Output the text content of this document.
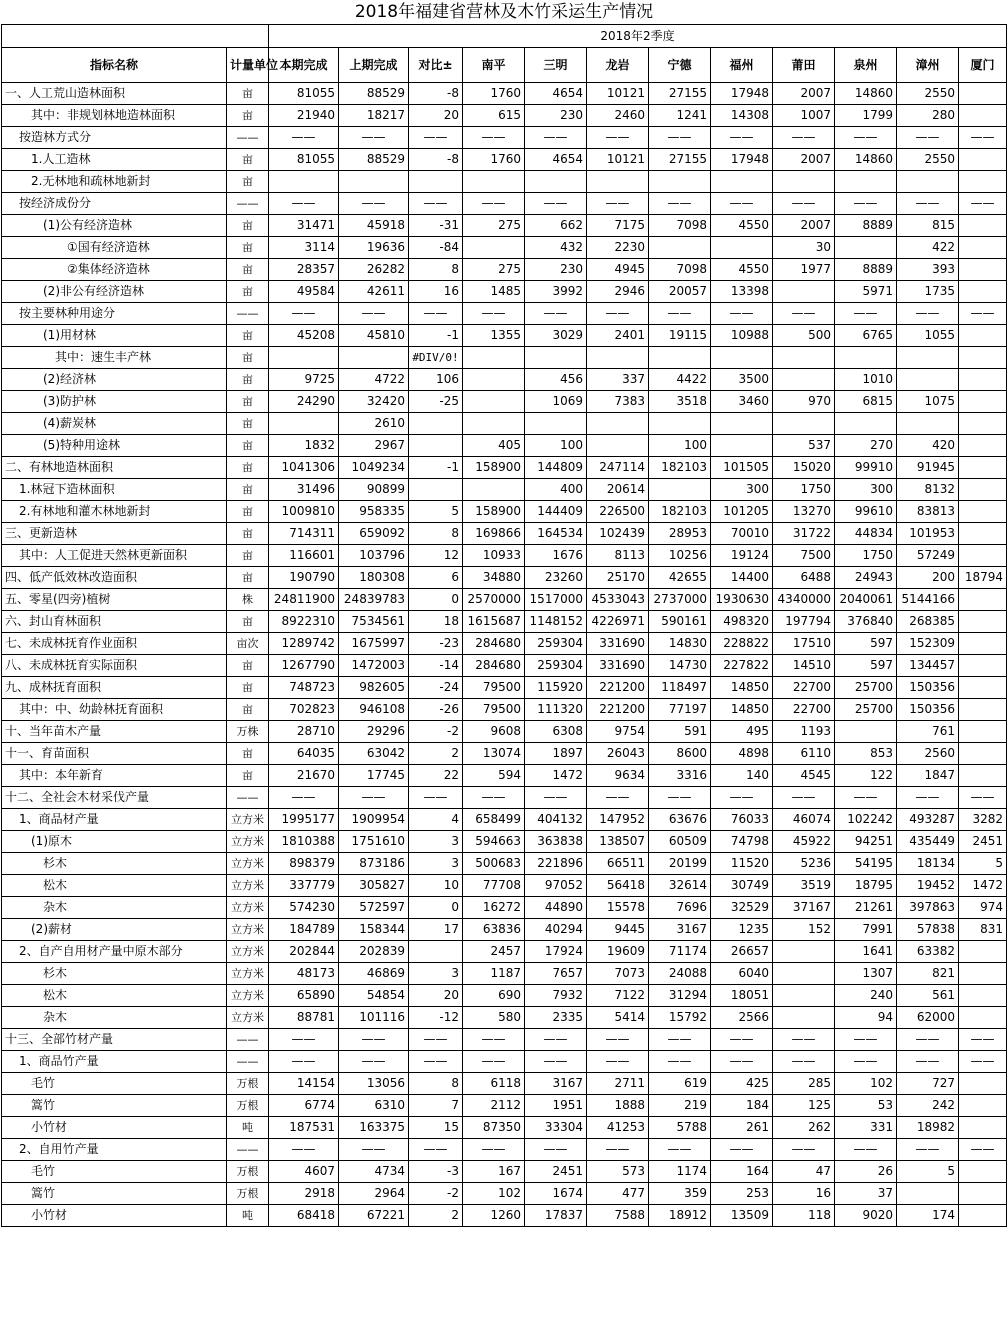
2018年福建省营林及木竹采运生产情况
		2018年2季度											
指标名称	计量单位	本期完成	上期完成	对比±	南平	三明	龙岩	宁德	福州	莆田	泉州	漳州	厦门
一、人工荒山造林面积	亩	81055	88529	-8	1760	4654	10121	27155	17948	2007	14860	2550	
其中：非规划林地造林面积	亩	21940	18217	20	615	230	2460	1241	14308	1007	1799	280	
按造林方式分	——	——	——	——	——	——	——	——	——	——	——	——	——
1.人工造林	亩	81055	88529	-8	1760	4654	10121	27155	17948	2007	14860	2550	
2.无林地和疏林地新封	亩												
按经济成份分	——	——	——	——	——	——	——	——	——	——	——	——	——
(1)公有经济造林	亩	31471	45918	-31	275	662	7175	7098	4550	2007	8889	815	
①国有经济造林	亩	3114	19636	-84		432	2230			30		422	
②集体经济造林	亩	28357	26282	8	275	230	4945	7098	4550	1977	8889	393	
(2)非公有经济造林	亩	49584	42611	16	1485	3992	2946	20057	13398		5971	1735	
按主要林种用途分	——	——	——	——	——	——	——	——	——	——	——	——	——
(1)用材林	亩	45208	45810	-1	1355	3029	2401	19115	10988	500	6765	1055	
其中：速生丰产林	亩			#DIV/0!									
(2)经济林	亩	9725	4722	106		456	337	4422	3500		1010		
(3)防护林	亩	24290	32420	-25		1069	7383	3518	3460	970	6815	1075	
(4)薪炭林	亩		2610										
(5)特种用途林	亩	1832	2967		405	100		100		537	270	420	
二、有林地造林面积	亩	1041306	1049234	-1	158900	144809	247114	182103	101505	15020	99910	91945	
1.林冠下造林面积	亩	31496	90899			400	20614		300	1750	300	8132	
2.有林地和灌木林地新封	亩	1009810	958335	5	158900	144409	226500	182103	101205	13270	99610	83813	
三、更新造林	亩	714311	659092	8	169866	164534	102439	28953	70010	31722	44834	101953	
其中：人工促进天然林更新面积	亩	116601	103796	12	10933	1676	8113	10256	19124	7500	1750	57249	
四、低产低效林改造面积	亩	190790	180308	6	34880	23260	25170	42655	14400	6488	24943	200	18794
五、零星(四旁)植树	株	24811900	24839783	0	2570000	1517000	4533043	2737000	1930630	4340000	2040061	5144166	
六、封山育林面积	亩	8922310	7534561	18	1615687	1148152	4226971	590161	498320	197794	376840	268385	
七、未成林抚育作业面积	亩次	1289742	1675997	-23	284680	259304	331690	14830	228822	17510	597	152309	
八、未成林抚育实际面积	亩	1267790	1472003	-14	284680	259304	331690	14730	227822	14510	597	134457	
九、成林抚育面积	亩	748723	982605	-24	79500	115920	221200	118497	14850	22700	25700	150356	
其中：中、幼龄林抚育面积	亩	702823	946108	-26	79500	111320	221200	77197	14850	22700	25700	150356	
十、当年苗木产量	万株	28710	29296	-2	9608	6308	9754	591	495	1193		761	
十一、育苗面积	亩	64035	63042	2	13074	1897	26043	8600	4898	6110	853	2560	
其中：本年新育	亩	21670	17745	22	594	1472	9634	3316	140	4545	122	1847	
十二、全社会木材采伐产量	——	——	——	——	——	——	——	——	——	——	——	——	——
1、商品材产量	立方米	1995177	1909954	4	658499	404132	147952	63676	76033	46074	102242	493287	3282
(1)原木	立方米	1810388	1751610	3	594663	363838	138507	60509	74798	45922	94251	435449	2451
杉木	立方米	898379	873186	3	500683	221896	66511	20199	11520	5236	54195	18134	5
松木	立方米	337779	305827	10	77708	97052	56418	32614	30749	3519	18795	19452	1472
杂木	立方米	574230	572597	0	16272	44890	15578	7696	32529	37167	21261	397863	974
(2)薪材	立方米	184789	158344	17	63836	40294	9445	3167	1235	152	7991	57838	831
2、自产自用材产量中原木部分	立方米	202844	202839		2457	17924	19609	71174	26657		1641	63382	
杉木	立方米	48173	46869	3	1187	7657	7073	24088	6040		1307	821	
松木	立方米	65890	54854	20	690	7932	7122	31294	18051		240	561	
杂木	立方米	88781	101116	-12	580	2335	5414	15792	2566		94	62000	
十三、全部竹材产量	——	——	——	——	——	——	——	——	——	——	——	——	——
1、商品竹产量	——	——	——	——	——	——	——	——	——	——	——	——	——
毛竹	万根	14154	13056	8	6118	3167	2711	619	425	285	102	727	
篙竹	万根	6774	6310	7	2112	1951	1888	219	184	125	53	242	
小竹材	吨	187531	163375	15	87350	33304	41253	5788	261	262	331	18982	
2、自用竹产量	——	——	——	——	——	——	——	——	——	——	——	——	——
毛竹	万根	4607	4734	-3	167	2451	573	1174	164	47	26	5	
篙竹	万根	2918	2964	-2	102	1674	477	359	253	16	37		
小竹材	吨	68418	67221	2	1260	17837	7588	18912	13509	118	9020	174	
